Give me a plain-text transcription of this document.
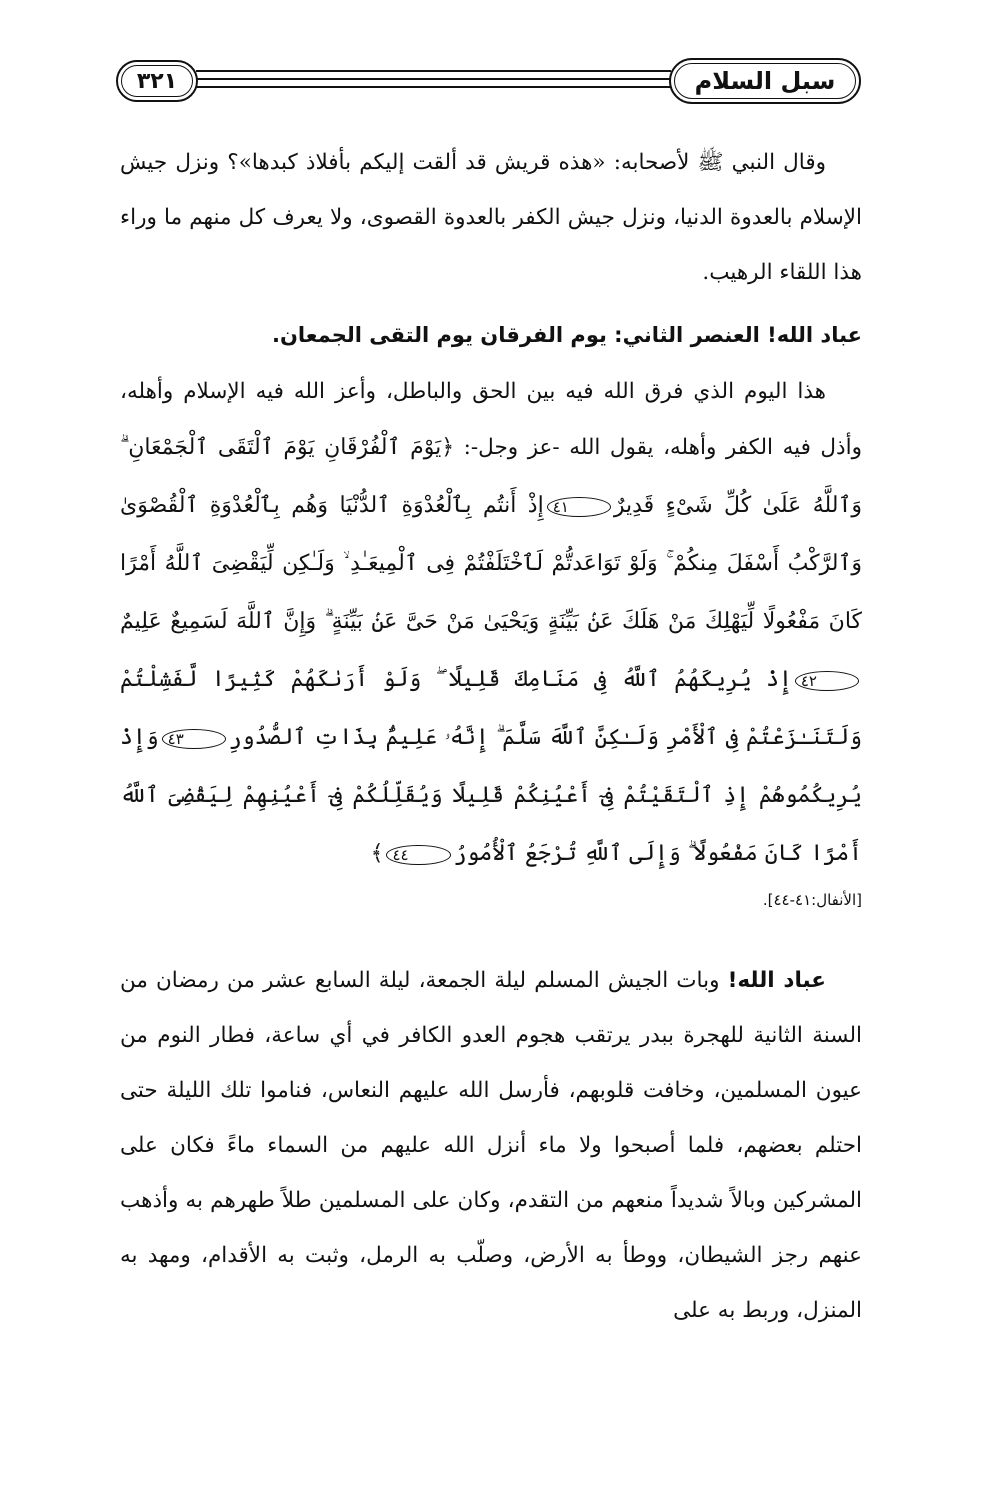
٣٢١	سبل السلام

وقال النبي ﷺ لأصحابه: «هذه قريش قد ألقت إليكم بأفلاذ كبدها»؟ ونزل جيش الإسلام بالعدوة الدنيا، ونزل جيش الكفر بالعدوة القصوى، ولا يعرف كل منهم ما وراء هذا اللقاء الرهيب.

عباد الله! العنصر الثاني: يوم الفرقان يوم التقى الجمعان.

هذا اليوم الذي فرق الله فيه بين الحق والباطل، وأعز الله فيه الإسلام وأهله، وأذل فيه الكفر وأهله، يقول الله -عز وجل-: ﴿يَوْمَ ٱلْفُرْقَانِ يَوْمَ ٱلْتَقَى ٱلْجَمْعَانِ ۗ وَٱللَّهُ عَلَىٰ كُلِّ شَىْءٍ قَدِيرٌ٤١إِذْ أَنتُم بِٱلْعُدْوَةِ ٱلدُّنْيَا وَهُم بِٱلْعُدْوَةِ ٱلْقُصْوَىٰ وَٱلرَّكْبُ أَسْفَلَ مِنكُمْ ۚ وَلَوْ تَوَاعَدتُّمْ لَٱخْتَلَفْتُمْ فِى ٱلْمِيعَـٰدِ ۙ وَلَـٰكِن لِّيَقْضِىَ ٱللَّهُ أَمْرًا كَانَ مَفْعُولًا لِّيَهْلِكَ مَنْ هَلَكَ عَنۢ بَيِّنَةٍ وَيَحْيَىٰ مَنْ حَىَّ عَنۢ بَيِّنَةٍ ۗ وَإِنَّ ٱللَّهَ لَسَمِيعٌ عَلِيمٌ٤٢إِذْ يُرِيكَهُمُ ٱللَّهُ فِى مَنَامِكَ قَلِيلًا ۖ وَلَوْ أَرَىٰكَهُمْ كَثِيرًا لَّفَشِلْتُمْ وَلَتَنَـٰزَعْتُمْ فِى ٱلْأَمْرِ وَلَـٰكِنَّ ٱللَّهَ سَلَّمَ ۗ إِنَّهُۥ عَلِيمٌۢ بِذَاتِ ٱلصُّدُورِ٤٣وَإِذْ يُرِيكُمُوهُمْ إِذِ ٱلْتَقَيْتُمْ فِىٓ أَعْيُنِكُمْ قَلِيلًا وَيُقَلِّلُكُمْ فِىٓ أَعْيُنِهِمْ لِيَقْضِىَ ٱللَّهُ أَمْرًا كَانَ مَفْعُولًا ۗ وَإِلَى ٱللَّهِ تُرْجَعُ ٱلْأُمُورُ٤٤﴾

[الأنفال:٤١-٤٤].

عباد الله! وبات الجيش المسلم ليلة الجمعة، ليلة السابع عشر من رمضان من السنة الثانية للهجرة ببدر يرتقب هجوم العدو الكافر في أي ساعة، فطار النوم من عيون المسلمين، وخافت قلوبهم، فأرسل الله عليهم النعاس، فناموا تلك الليلة حتى احتلم بعضهم، فلما أصبحوا ولا ماء أنزل الله عليهم من السماء ماءً فكان على المشركين وبالاً شديداً منعهم من التقدم، وكان على المسلمين طلاً طهرهم به وأذهب عنهم رجز الشيطان، ووطأ به الأرض، وصلّب به الرمل، وثبت به الأقدام، ومهد به المنزل، وربط به على
